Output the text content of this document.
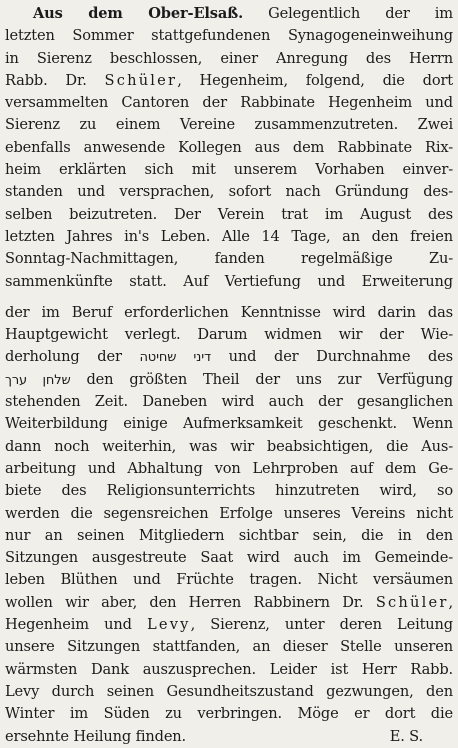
Aus dem Ober-Elsaß. Gelegentlich der im
letzten Sommer stattgefundenen Synagogeneinweihung
in Sierenz beschlossen, einer Anregung des Herrn
Rabb. Dr. Schüler, Hegenheim, folgend, die dort
versammelten Cantoren der Rabbinate Hegenheim und
Sierenz zu einem Vereine zusammenzutreten. Zwei
ebenfalls anwesende Kollegen aus dem Rabbinate Rix-
heim erklärten sich mit unserem Vorhaben einver-
standen und versprachen, sofort nach Gründung des-
selben beizutreten. Der Verein trat im August des
letzten Jahres in's Leben. Alle 14 Tage, an den freien
Sonntag-Nachmittagen, fanden regelmäßige Zu-
sammenkünfte statt. Auf Vertiefung und Erweiterung
der im Beruf erforderlichen Kenntnisse wird darin das
Hauptgewicht verlegt. Darum widmen wir der Wie-
derholung der דיני שחיטה und der Durchnahme des
שלחן ערך den größten Theil der uns zur Verfügung
stehenden Zeit. Daneben wird auch der gesanglichen
Weiterbildung einige Aufmerksamkeit geschenkt. Wenn
dann noch weiterhin, was wir beabsichtigen, die Aus-
arbeitung und Abhaltung von Lehrproben auf dem Ge-
biete des Religionsunterrichts hinzutreten wird, so
werden die segensreichen Erfolge unseres Vereins nicht
nur an seinen Mitgliedern sichtbar sein, die in den
Sitzungen ausgestreute Saat wird auch im Gemeinde-
leben Blüthen und Früchte tragen. Nicht versäumen
wollen wir aber, den Herren Rabbinern Dr. Schüler,
Hegenheim und Levy, Sierenz, unter deren Leitung
unsere Sitzungen stattfanden, an dieser Stelle unseren
wärmsten Dank auszusprechen. Leider ist Herr Rabb.
Levy durch seinen Gesundheitszustand gezwungen, den
Winter im Süden zu verbringen. Möge er dort die
ersehnte Heilung finden.	E. S.
